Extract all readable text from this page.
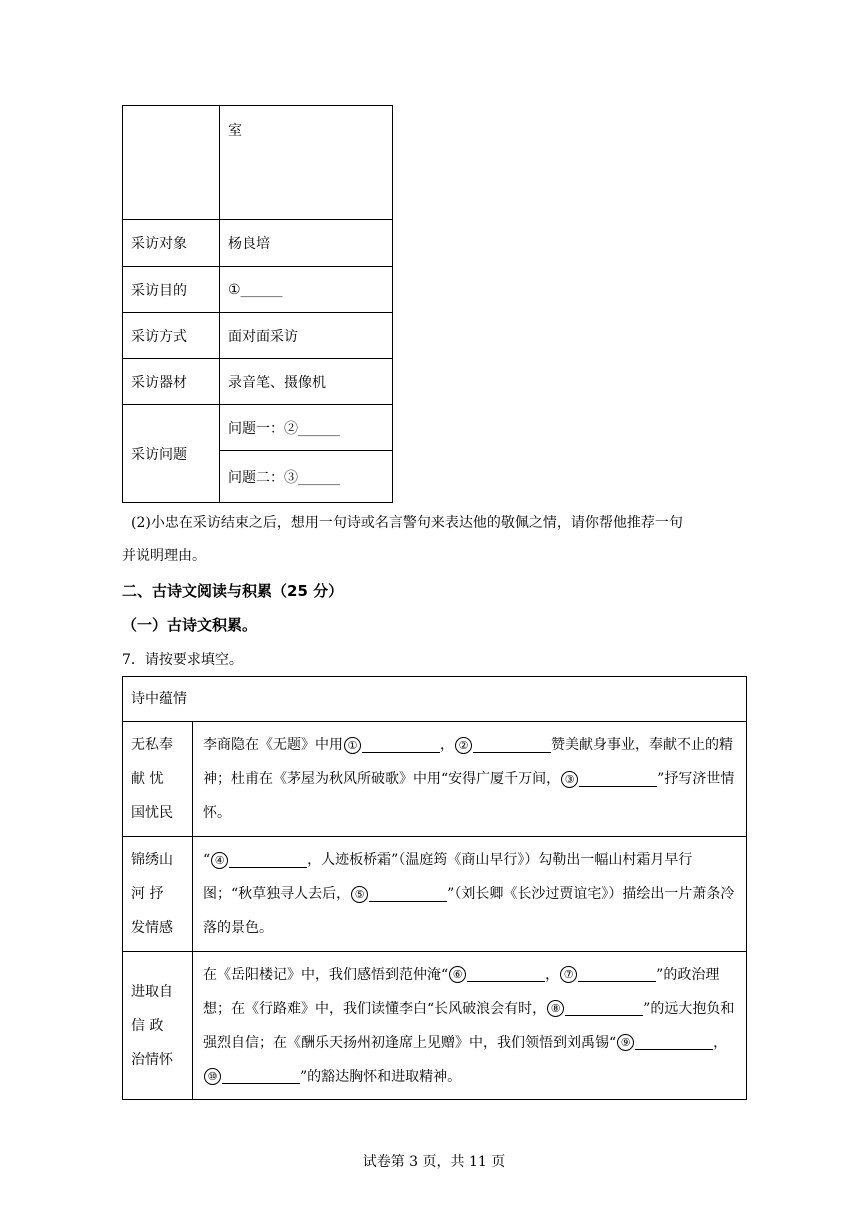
	室
采访对象	杨良培
采访目的	①______
采访方式	面对面采访
采访器材	录音笔、摄像机
采访问题	问题一：②______
	问题二：③______
(2)小忠在采访结束之后，想用一句诗或名言警句来表达他的敬佩之情，请你帮他推荐一句
并说明理由。
二、古诗文阅读与积累（25 分）
（一）古诗文积累。
7．请按要求填空。
诗中蕴情	

无私奉
献 忧
国忧民	李商隐在《无题》中用 ① ， ② 赞美献身事业，奉献不止的精神；杜甫在《茅屋为秋风所破歌》中用“安得广厦千万间， ③ ”抒写济世情怀。

锦绣山
河 抒
发情感	“ ④ ，人迹板桥霜”（温庭筠《商山早行》）勾勒出一幅山村霜月早行图；“秋草独寻人去后， ⑤ ”（刘长卿《长沙过贾谊宅》）描绘出一片萧条冷落的景色。

进取自
信 政
治情怀	在《岳阳楼记》中，我们感悟到范仲淹“ ⑥ ， ⑦ ”的政治理想；在《行路难》中，我们读懂李白“长风破浪会有时， ⑧ ”的远大抱负和强烈自信；在《酬乐天扬州初逢席上见赠》中，我们领悟到刘禹锡“ ⑨ ，⑩ ”的豁达胸怀和进取精神。
试卷第 3 页，共 11 页
